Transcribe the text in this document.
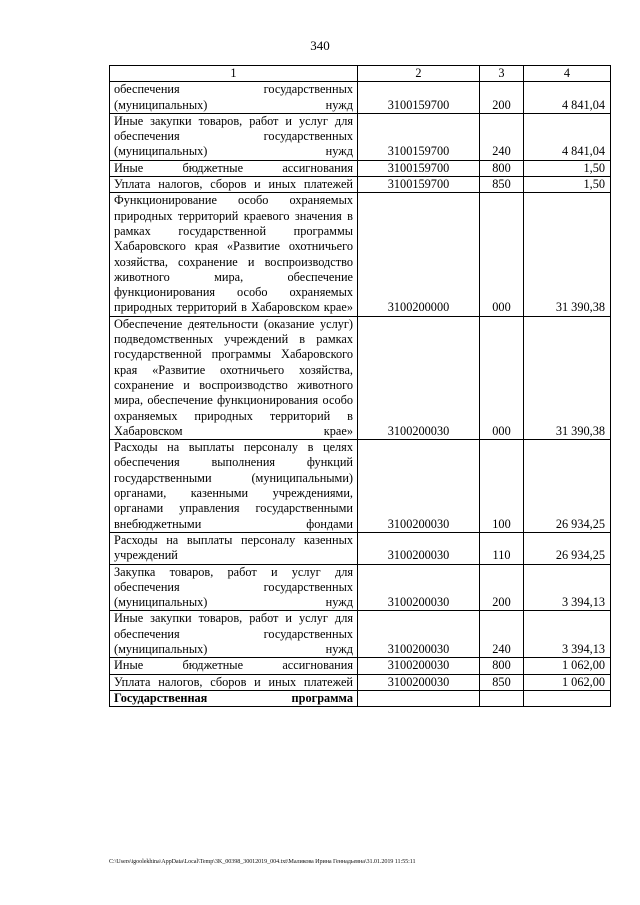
340
1	2	3	4
обеспечения государственных (муниципальных) нужд	3100159700	200	4 841,04
Иные закупки товаров, работ и услуг для обеспечения государственных (муниципальных) нужд	3100159700	240	4 841,04
Иные бюджетные ассигнования	3100159700	800	1,50
Уплата налогов, сборов и иных платежей	3100159700	850	1,50
Функционирование особо охраняемых природных территорий краевого значения в рамках государственной программы Хабаровского края «Развитие охотничьего хозяйства, сохранение и воспроизводство животного мира, обеспечение функционирования особо охраняемых природных территорий в Хабаровском крае»	3100200000	000	31 390,38
Обеспечение деятельности (оказание услуг) подведомственных учреждений в рамках государственной программы Хабаровского края «Развитие охотничьего хозяйства, сохранение и воспроизводство животного мира, обеспечение функционирования особо охраняемых природных территорий в Хабаровском крае»	3100200030	000	31 390,38
Расходы на выплаты персоналу в целях обеспечения выполнения функций государственными (муниципальными) органами, казенными учреждениями, органами управления государственными внебюджетными фондами	3100200030	100	26 934,25
Расходы на выплаты персоналу казенных учреждений	3100200030	110	26 934,25
Закупка товаров, работ и услуг для обеспечения государственных (муниципальных) нужд	3100200030	200	3 394,13
Иные закупки товаров, работ и услуг для обеспечения государственных (муниципальных) нужд	3100200030	240	3 394,13
Иные бюджетные ассигнования	3100200030	800	1 062,00
Уплата налогов, сборов и иных платежей	3100200030	850	1 062,00
Государственная программа			
C:\Users\igoolekhina\AppData\Local\Temp\3K_00398_30012019_004.txt\Маликова Ирина Геннадьевна\31.01.2019 11:55:11
